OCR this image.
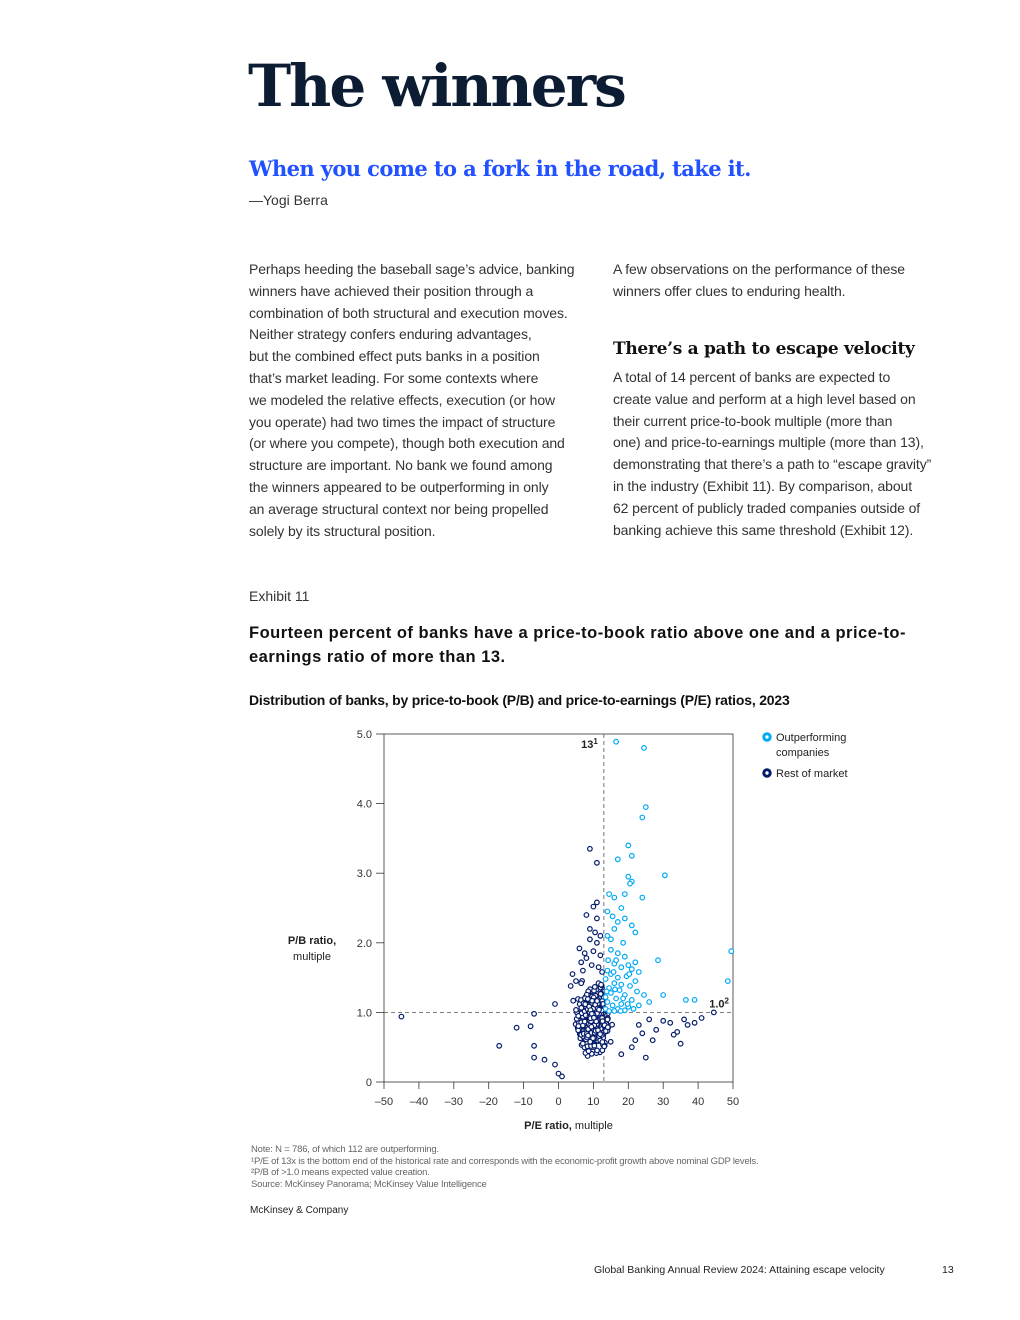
The winners
When you come to a fork in the road, take it.
—Yogi Berra
Perhaps heeding the baseball sage’s advice, banking
winners have achieved their position through a
combination of both structural and execution moves.
Neither strategy confers enduring advantages,
but the combined effect puts banks in a position
that’s market leading. For some contexts where
we modeled the relative effects, execution (or how
you operate) had two times the impact of structure
(or where you compete), though both execution and
structure are important. No bank we found among
the winners appeared to be outperforming in only
an average structural context nor being propelled
solely by its structural position.
A few observations on the performance of these
winners offer clues to enduring health.
There’s a path to escape velocity
A total of 14 percent of banks are expected to
create value and perform at a high level based on
their current price-to-book multiple (more than
one) and price-to-earnings multiple (more than 13),
demonstrating that there’s a path to “escape gravity”
in the industry (Exhibit 11). By comparison, about
62 percent of publicly traded companies outside of
banking achieve this same threshold (Exhibit 12).
Exhibit 11
Fourteen percent of banks have a price-to-book ratio above one and a price-to-earnings ratio of more than 13.
Distribution of banks, by price-to-book (P/B) and price-to-earnings (P/E) ratios, 2023
0
1.0
2.0
3.0
4.0
5.0
–50 –40 –30 –20 –10 0 10 20 30 40 50
$13^1$
$1.0^2$
Outperforming
companies
Rest of market
P/B ratio,
multiple
P/E ratio, multiple
Note: N = 786, of which 112 are outperforming.
¹P/E of 13x is the bottom end of the historical rate and corresponds with the economic-profit growth above nominal GDP levels.
²P/B of >1.0 means expected value creation.
Source: McKinsey Panorama; McKinsey Value Intelligence
McKinsey & Company
Global Banking Annual Review 2024: Attaining escape velocity	13
